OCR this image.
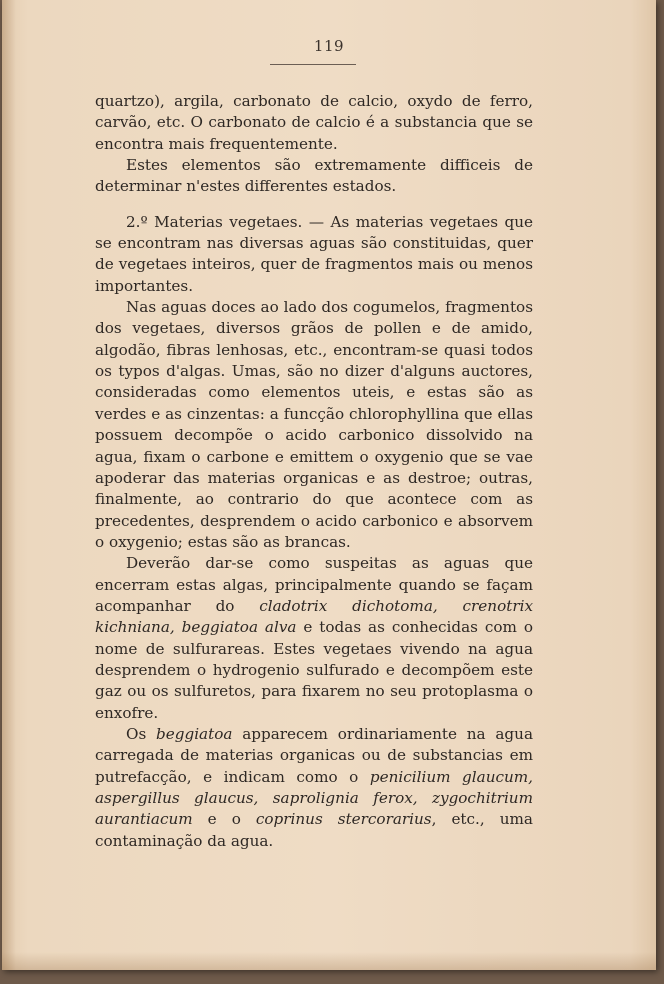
119

quartzo), argila, carbonato de calcio, oxydo de ferro, carvão, etc. O carbonato de calcio é a substancia que se encontra mais frequentemente.

Estes elementos são extremamente difficeis de determinar n'estes differentes estados.

2.º Materias vegetaes. — As materias vegetaes que se encontram nas diversas aguas são constituidas, quer de vegetaes inteiros, quer de fragmentos mais ou menos importantes.

Nas aguas doces ao lado dos cogumelos, fragmentos dos vegetaes, diversos grãos de pollen e de amido, algodão, fibras lenhosas, etc., encontram-se quasi todos os typos d'algas. Umas, são no dizer d'alguns auctores, consideradas como elementos uteis, e estas são as verdes e as cinzentas: a funcção chlorophyllina que ellas possuem decompõe o acido carbonico dissolvido na agua, fixam o carbone e emittem o oxygenio que se vae apoderar das materias organicas e as destroe; outras, finalmente, ao contrario do que acontece com as precedentes, desprendem o acido carbonico e absorvem o oxygenio; estas são as brancas.

Deverão dar-se como suspeitas as aguas que encerram estas algas, principalmente quando se façam acompanhar do cladotrix dichotoma, crenotrix kichniana, beggiatoa alva e todas as conhecidas com o nome de sulfurareas. Estes vegetaes vivendo na agua desprendem o hydrogenio sulfurado e decompõem este gaz ou os sulfuretos, para fixarem no seu protoplasma o enxofre.

Os beggiatoa apparecem ordinariamente na agua carregada de materias organicas ou de substancias em putrefacção, e indicam como o penicilium glaucum, aspergillus glaucus, saprolignia ferox, zygochitrium aurantiacum e o coprinus stercorarius, etc., uma contaminação da agua.
